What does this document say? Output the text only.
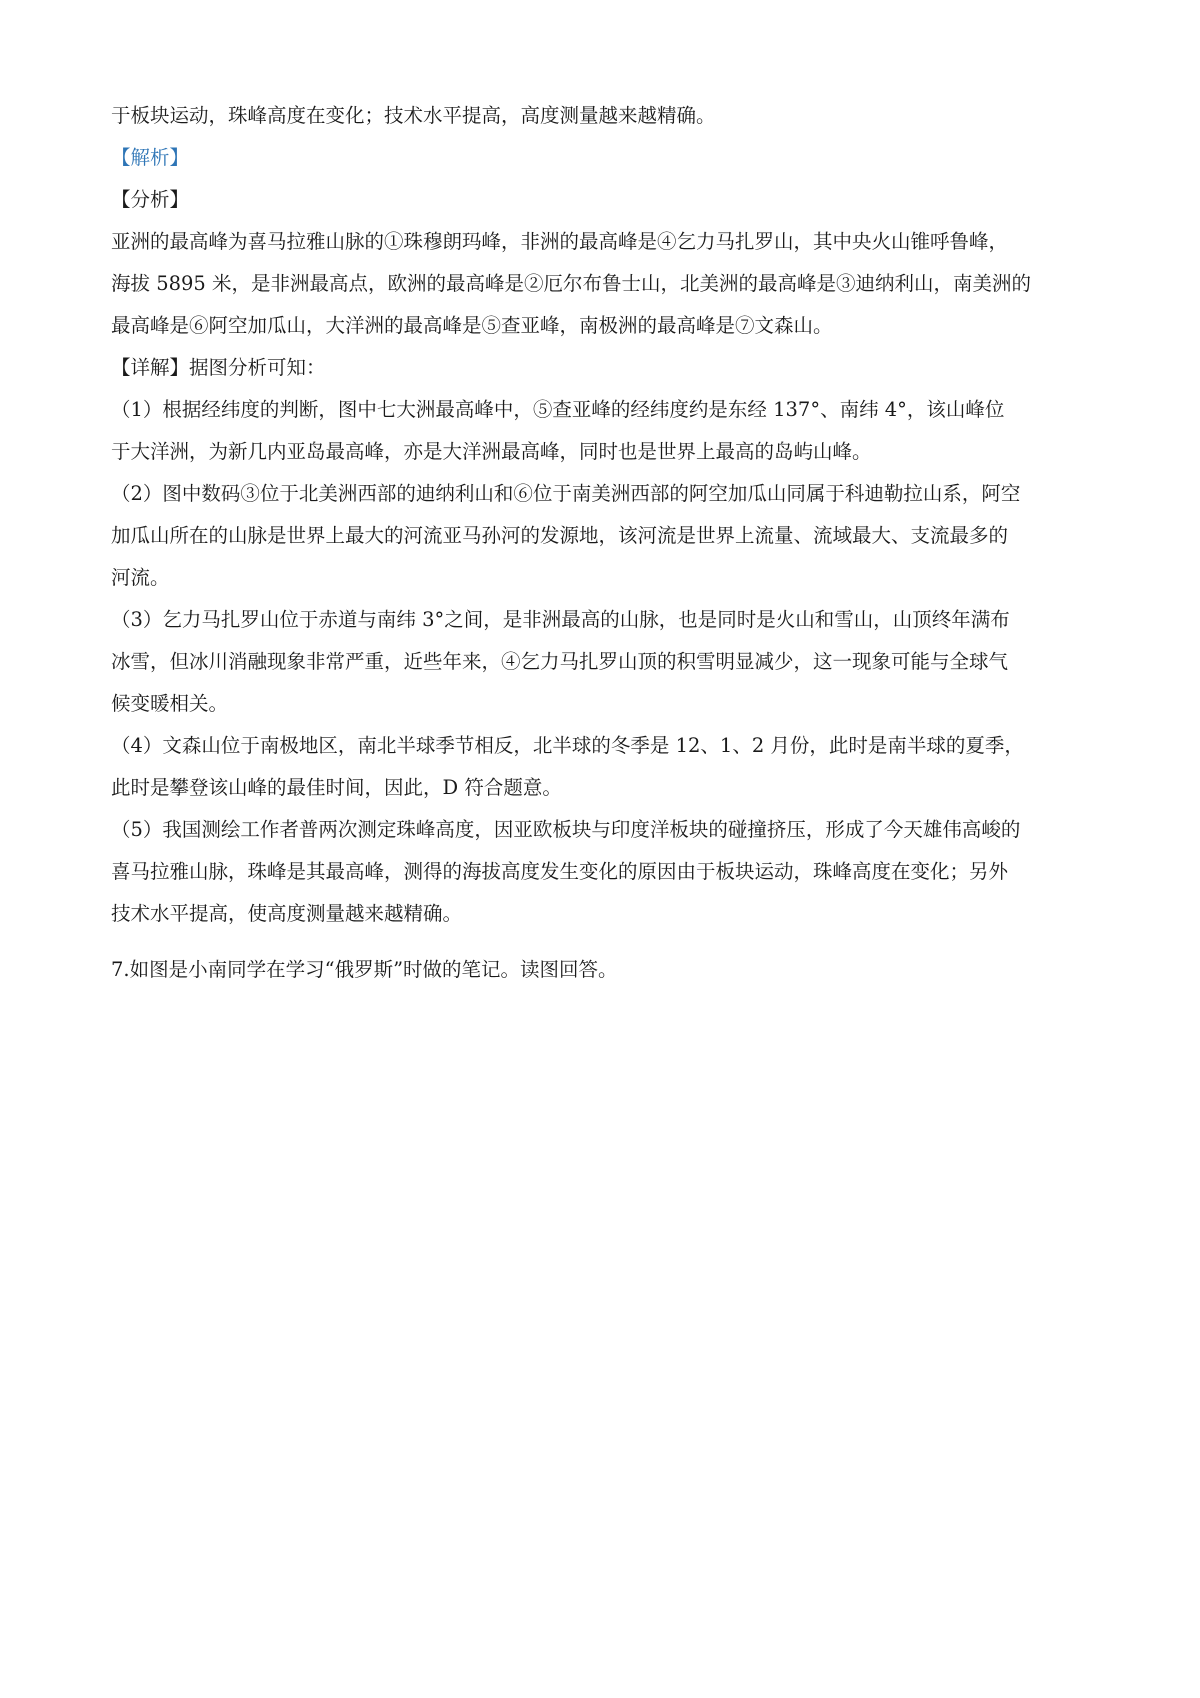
于板块运动，珠峰高度在变化；技术水平提高，高度测量越来越精确。
【解析】
【分析】
亚洲的最高峰为喜马拉雅山脉的①珠穆朗玛峰，非洲的最高峰是④乞力马扎罗山，其中央火山锥呼鲁峰，
海拔 5895 米，是非洲最高点，欧洲的最高峰是②厄尔布鲁士山，北美洲的最高峰是③迪纳利山，南美洲的
最高峰是⑥阿空加瓜山，大洋洲的最高峰是⑤查亚峰，南极洲的最高峰是⑦文森山。
【详解】据图分析可知：
（1）根据经纬度的判断，图中七大洲最高峰中，⑤查亚峰的经纬度约是东经 137°、南纬 4°，该山峰位
于大洋洲，为新几内亚岛最高峰，亦是大洋洲最高峰，同时也是世界上最高的岛屿山峰。
（2）图中数码③位于北美洲西部的迪纳利山和⑥位于南美洲西部的阿空加瓜山同属于科迪勒拉山系，阿空
加瓜山所在的山脉是世界上最大的河流亚马孙河的发源地，该河流是世界上流量、流域最大、支流最多的
河流。
（3）乞力马扎罗山位于赤道与南纬 3°之间，是非洲最高的山脉，也是同时是火山和雪山，山顶终年满布
冰雪，但冰川消融现象非常严重，近些年来，④乞力马扎罗山顶的积雪明显减少，这一现象可能与全球气
候变暖相关。
（4）文森山位于南极地区，南北半球季节相反，北半球的冬季是 12、1、2 月份，此时是南半球的夏季，
此时是攀登该山峰的最佳时间，因此，D 符合题意。
（5）我国测绘工作者普两次测定珠峰高度，因亚欧板块与印度洋板块的碰撞挤压，形成了今天雄伟高峻的
喜马拉雅山脉，珠峰是其最高峰，测得的海拔高度发生变化的原因由于板块运动，珠峰高度在变化；另外
技术水平提高，使高度测量越来越精确。
7.如图是小南同学在学习“俄罗斯”时做的笔记。读图回答。
